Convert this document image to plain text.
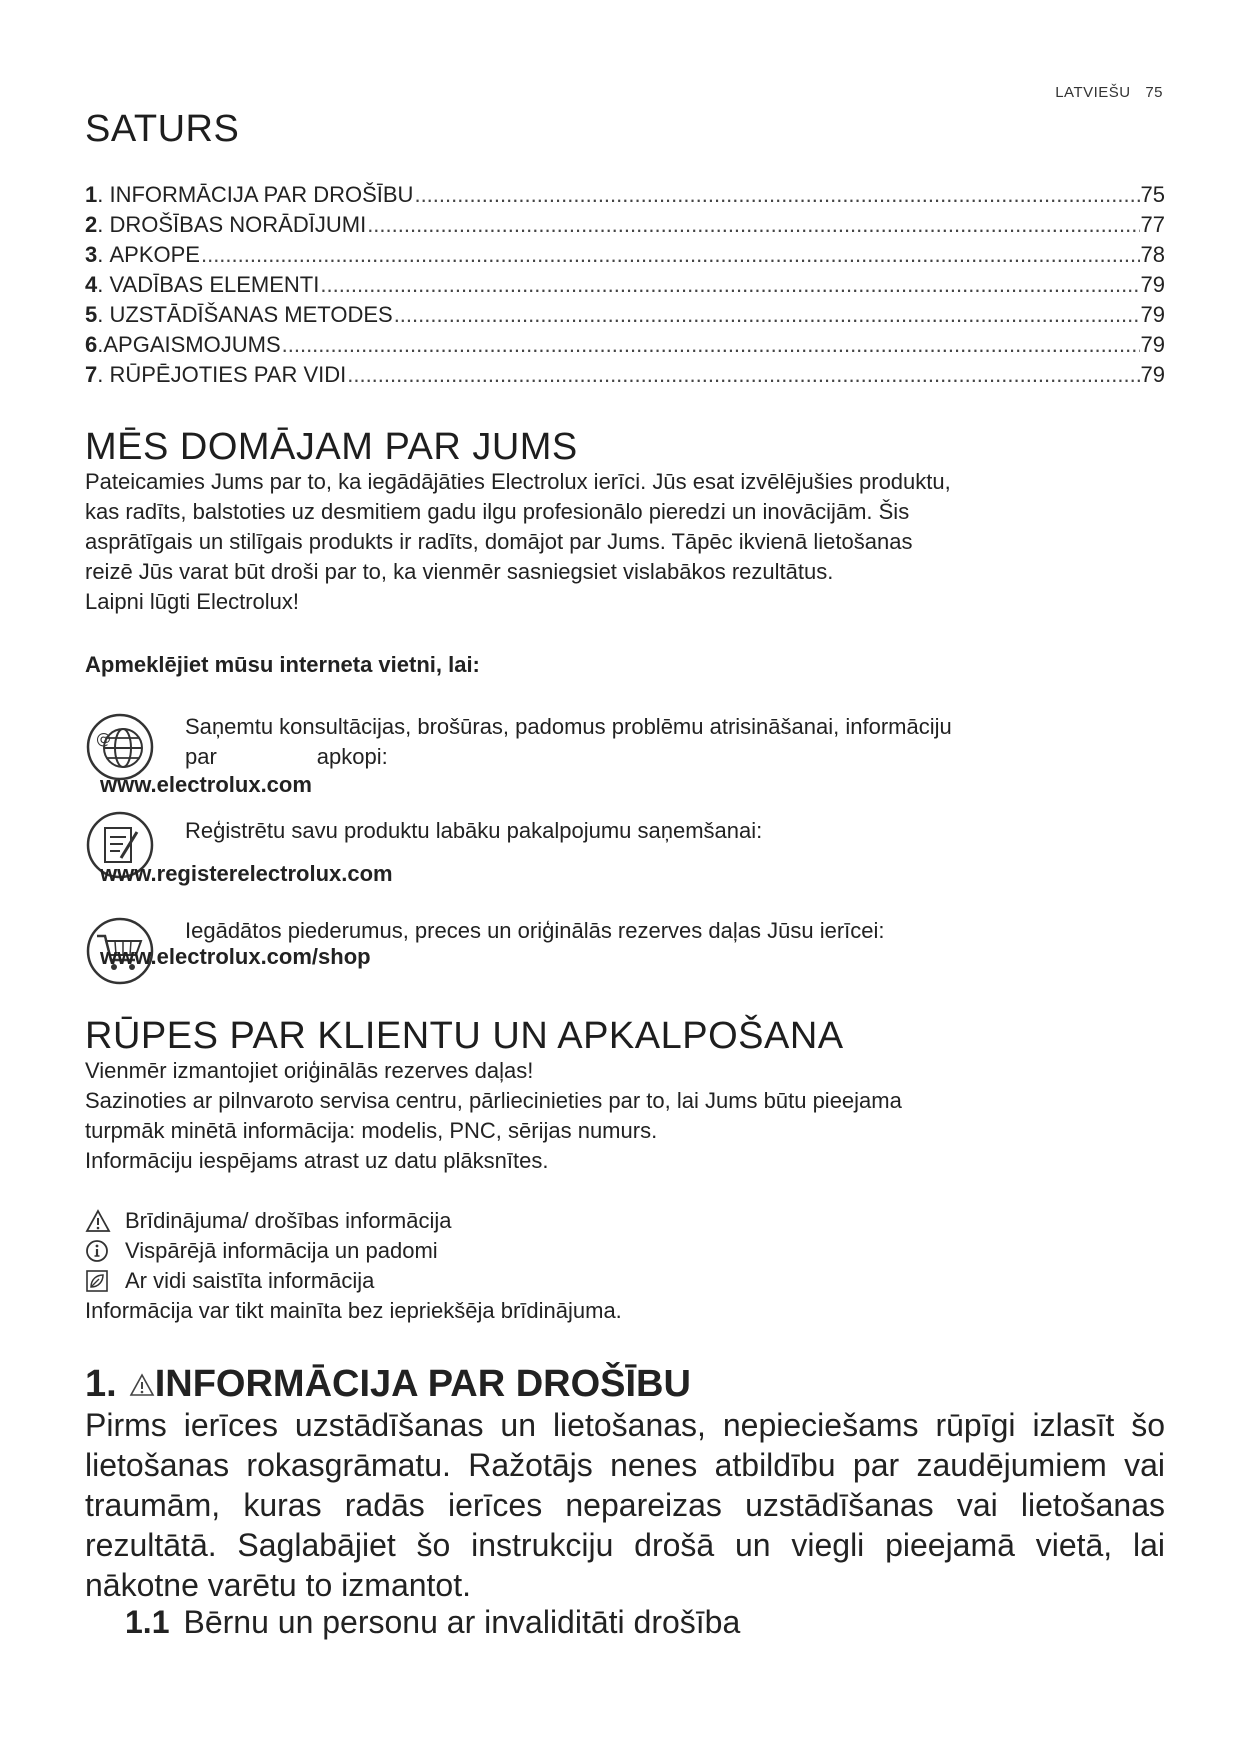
LATVIEŠU 75
SATURS
1 . INFORMĀCIJA PAR DROŠĪBU .....	75
2 . DROŠĪBAS NORĀDĪJUMI .....	77
3 . APKOPE .....	78
4 . VADĪBAS ELEMENTI .....	79
5 . UZSTĀDĪŠANAS METODES .....	79
6 . APGAISMOJUMS .....	79
7 . RŪPĒJOTIES PAR VIDI .....	79
MĒS DOMĀJAM PAR JUMS
Pateicamies Jums par to, ka iegādājāties Electrolux ierīci. Jūs esat izvēlējušies produktu,
kas radīts, balstoties uz desmitiem gadu ilgu profesionālo pieredzi un inovācijām. Šis
asprātīgais un stilīgais produkts ir radīts, domājot par Jums. Tāpēc ikvienā lietošanas
reizē Jūs varat būt droši par to, ka vienmēr sasniegsiet vislabākos rezultātus.
Laipni lūgti Electrolux!
Apmeklējiet mūsu interneta vietni, lai:
@	Saņemtu konsultācijas, brošūras, padomus problēmu atrisināšanai, informāciju
par	apkopi:
www.electrolux.com
Reģistrētu savu produktu labāku pakalpojumu saņemšanai:
www.registerelectrolux.com
Iegādātos piederumus, preces un oriģinālās rezerves daļas Jūsu ierīcei:
www.electrolux.com/shop
RŪPES PAR KLIENTU UN APKALPOŠANA
Vienmēr izmantojiet oriģinālās rezerves daļas!
Sazinoties ar pilnvaroto servisa centru, pārliecinieties par to, lai Jums būtu pieejama
turpmāk minētā informācija: modelis, PNC, sērijas numurs.
Informāciju iespējams atrast uz datu plāksnītes.
Brīdinājuma/ drošības informācija
Vispārējā informācija un padomi
Ar vidi saistīta informācija
Informācija var tikt mainīta bez iepriekšēja brīdinājuma.
1. INFORMĀCIJA PAR DROŠĪBU
Pirms ierīces uzstādīšanas un lietošanas, nepieciešams rūpīgi izlasīt šo lietošanas rokasgrāmatu. Ražotājs nenes atbildību par zaudējumiem vai traumām, kuras radās ierīces nepareizas uzstādīšanas vai lietošanas rezultātā. Saglabājiet šo instrukciju drošā un viegli pieejamā vietā, lai nākotne varētu to izmantot.
1.1 Bērnu un personu ar invaliditāti drošība
